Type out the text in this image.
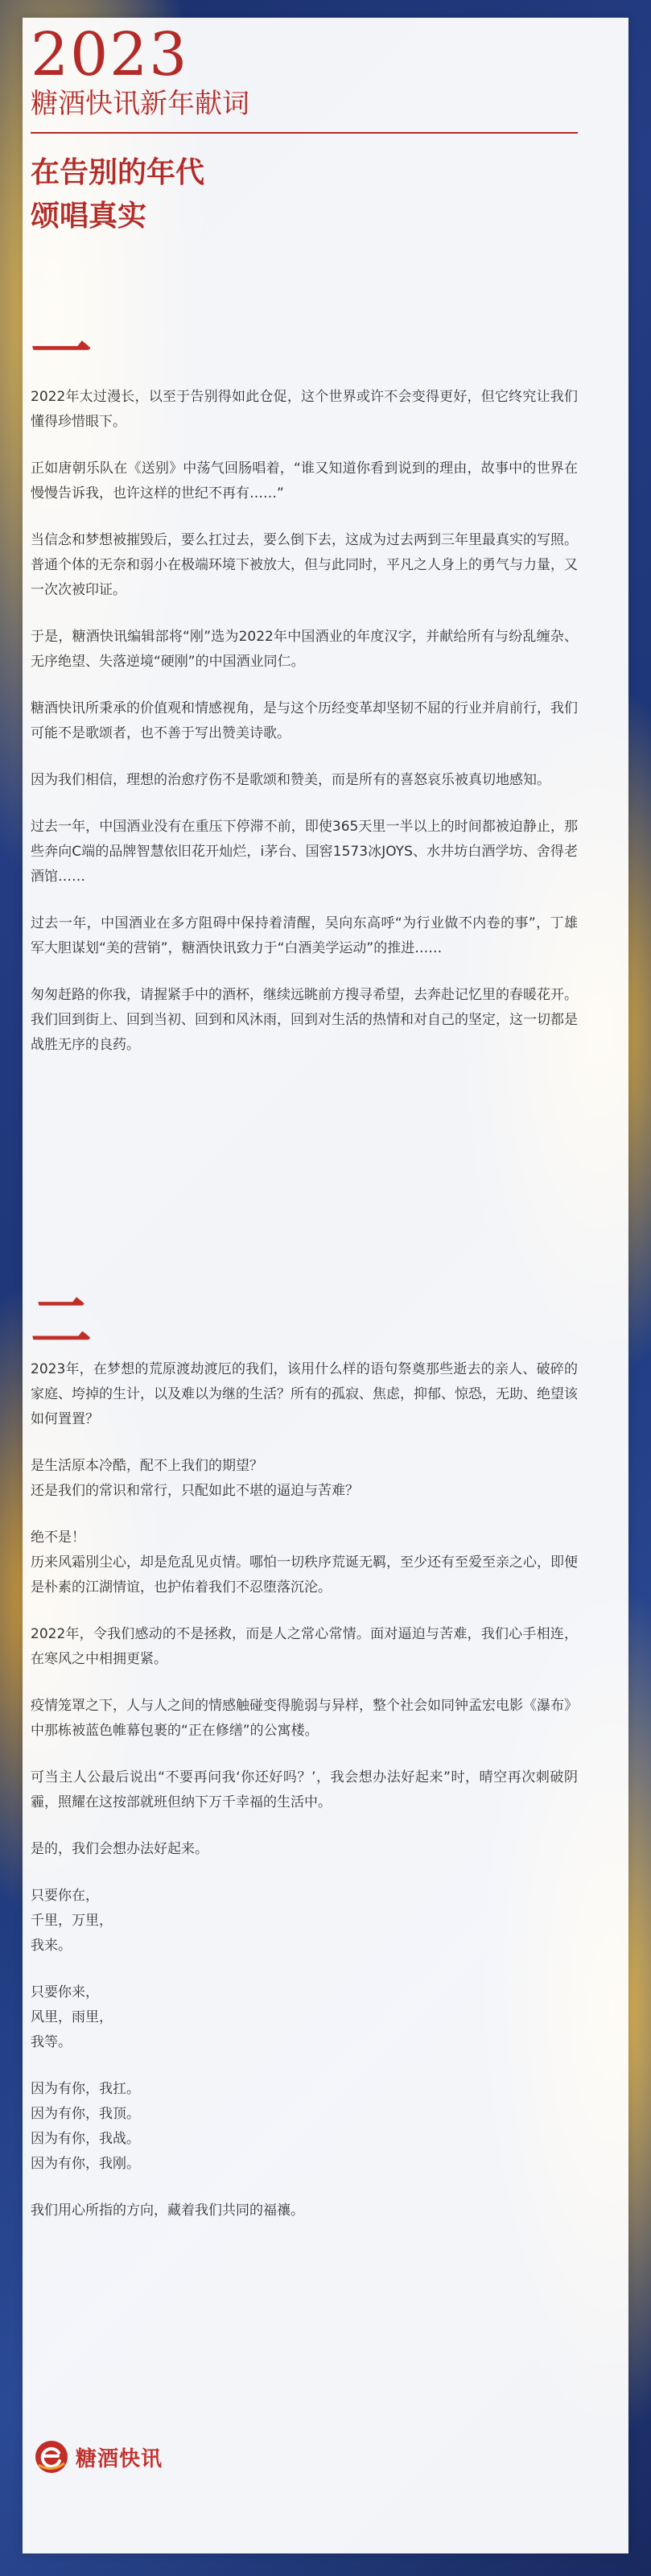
2023
糖酒快讯新年献词
在告别的年代
颂唱真实
一

2022年太过漫长，以至于告别得如此仓促，这个世界或许不会变得更好，但它终究让我们懂得珍惜眼下。

正如唐朝乐队在《送别》中荡气回肠唱着，“谁又知道你看到说到的理由，故事中的世界在慢慢告诉我，也许这样的世纪不再有……”

当信念和梦想被摧毁后，要么扛过去，要么倒下去，这成为过去两到三年里最真实的写照。普通个体的无奈和弱小在极端环境下被放大，但与此同时，平凡之人身上的勇气与力量，又一次次被印证。

于是，糖酒快讯编辑部将“刚”选为2022年中国酒业的年度汉字，并献给所有与纷乱缠杂、无序绝望、失落逆境“硬刚”的中国酒业同仁。

糖酒快讯所秉承的价值观和情感视角，是与这个历经变革却坚韧不屈的行业并肩前行，我们可能不是歌颂者，也不善于写出赞美诗歌。

因为我们相信，理想的治愈疗伤不是歌颂和赞美，而是所有的喜怒哀乐被真切地感知。

过去一年，中国酒业没有在重压下停滞不前，即使365天里一半以上的时间都被迫静止，那些奔向C端的品牌智慧依旧花开灿烂，i茅台、国窖1573冰JOYS、水井坊白酒学坊、舍得老酒馆……

过去一年，中国酒业在多方阻碍中保持着清醒，吴向东高呼“为行业做不内卷的事”，丁雄军大胆谋划“美的营销”，糖酒快讯致力于“白酒美学运动”的推进……

匆匆赶路的你我，请握紧手中的酒杯，继续远眺前方搜寻希望，去奔赴记忆里的春暖花开。我们回到街上、回到当初、回到和风沐雨，回到对生活的热情和对自己的坚定，这一切都是战胜无序的良药。

二

2023年，在梦想的荒原渡劫渡厄的我们，该用什么样的语句祭奠那些逝去的亲人、破碎的家庭、垮掉的生计，以及难以为继的生活？所有的孤寂、焦虑，抑郁、惊恐，无助、绝望该如何置置？

是生活原本冷酷，配不上我们的期望？
还是我们的常识和常行，只配如此不堪的逼迫与苦难？

绝不是！
历来风霜別尘心，却是危乱见贞情。哪怕一切秩序荒诞无羁，至少还有至爱至亲之心，即便是朴素的江湖情谊，也护佑着我们不忍堕落沉沦。

2022年，令我们感动的不是拯救，而是人之常心常情。面对逼迫与苦难，我们心手相连，在寒风之中相拥更紧。

疫情笼罩之下，人与人之间的情感触碰变得脆弱与异样，整个社会如同钟孟宏电影《瀑布》中那栋被蓝色帷幕包裹的“正在修缮”的公寓楼。

可当主人公最后说出“不要再问我‘你还好吗？’，我会想办法好起来”时，晴空再次刺破阴霾，照耀在这按部就班但纳下万千幸福的生活中。

是的，我们会想办法好起来。

只要你在，
千里，万里，
我来。

只要你来，
风里，雨里，
我等。

因为有你，我扛。
因为有你，我顶。
因为有你，我战。
因为有你，我刚。

我们用心所指的方向，藏着我们共同的福禳。

糖酒快讯
